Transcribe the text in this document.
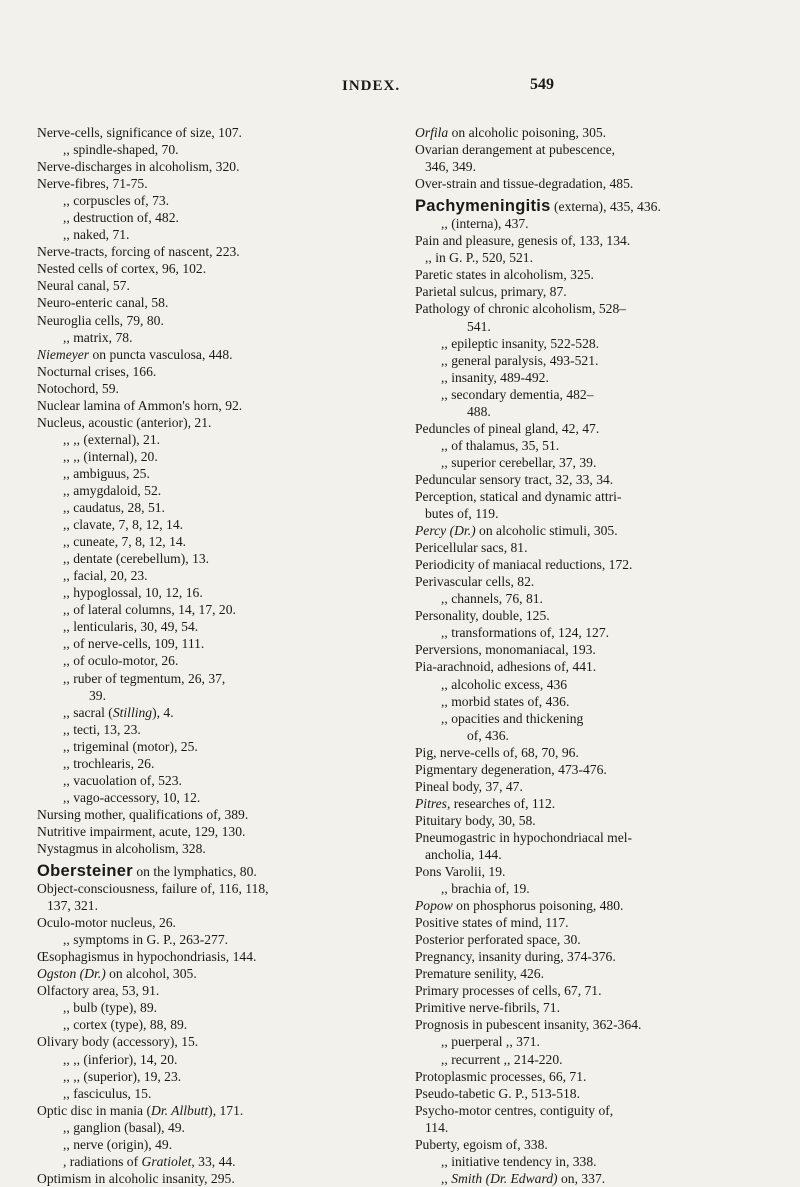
INDEX.	549
Nerve-cells, significance of size, 107.
,, spindle-shaped, 70.
Nerve-discharges in alcoholism, 320.
Nerve-fibres, 71-75.
,, corpuscles of, 73.
,, destruction of, 482.
,, naked, 71.
Nerve-tracts, forcing of nascent, 223.
Nested cells of cortex, 96, 102.
Neural canal, 57.
Neuro-enteric canal, 58.
Neuroglia cells, 79, 80.
,, matrix, 78.
Niemeyer on puncta vasculosa, 448.
Nocturnal crises, 166.
Notochord, 59.
Nuclear lamina of Ammon's horn, 92.
Nucleus, acoustic (anterior), 21.
,, ,, (external), 21.
,, ,, (internal), 20.
,, ambiguus, 25.
,, amygdaloid, 52.
,, caudatus, 28, 51.
,, clavate, 7, 8, 12, 14.
,, cuneate, 7, 8, 12, 14.
,, dentate (cerebellum), 13.
,, facial, 20, 23.
,, hypoglossal, 10, 12, 16.
,, of lateral columns, 14, 17, 20.
,, lenticularis, 30, 49, 54.
,, of nerve-cells, 109, 111.
,, of oculo-motor, 26.
,, ruber of tegmentum, 26, 37,
39.
,, sacral (Stilling), 4.
,, tecti, 13, 23.
,, trigeminal (motor), 25.
,, trochlearis, 26.
,, vacuolation of, 523.
,, vago-accessory, 10, 12.
Nursing mother, qualifications of, 389.
Nutritive impairment, acute, 129, 130.
Nystagmus in alcoholism, 328.
Obersteiner on the lymphatics, 80.
Object-consciousness, failure of, 116, 118,
137, 321.
Oculo-motor nucleus, 26.
,, symptoms in G. P., 263-277.
Œsophagismus in hypochondriasis, 144.
Ogston (Dr.) on alcohol, 305.
Olfactory area, 53, 91.
,, bulb (type), 89.
,, cortex (type), 88, 89.
Olivary body (accessory), 15.
,, ,, (inferior), 14, 20.
,, ,, (superior), 19, 23.
,, fasciculus, 15.
Optic disc in mania (Dr. Allbutt), 171.
,, ganglion (basal), 49.
,, nerve (origin), 49.
, radiations of Gratiolet, 33, 44.
Optimism in alcoholic insanity, 295.
Orfila on alcoholic poisoning, 305.
Ovarian derangement at pubescence,
346, 349.
Over-strain and tissue-degradation, 485.
Pachymeningitis (externa), 435, 436.
,, (interna), 437.
Pain and pleasure, genesis of, 133, 134.
,, in G. P., 520, 521.
Paretic states in alcoholism, 325.
Parietal sulcus, primary, 87.
Pathology of chronic alcoholism, 528–
541.
,, epileptic insanity, 522-528.
,, general paralysis, 493-521.
,, insanity, 489-492.
,, secondary dementia, 482–
488.
Peduncles of pineal gland, 42, 47.
,, of thalamus, 35, 51.
,, superior cerebellar, 37, 39.
Peduncular sensory tract, 32, 33, 34.
Perception, statical and dynamic attri-
butes of, 119.
Percy (Dr.) on alcoholic stimuli, 305.
Pericellular sacs, 81.
Periodicity of maniacal reductions, 172.
Perivascular cells, 82.
,, channels, 76, 81.
Personality, double, 125.
,, transformations of, 124, 127.
Perversions, monomaniacal, 193.
Pia-arachnoid, adhesions of, 441.
,, alcoholic excess, 436
,, morbid states of, 436.
,, opacities and thickening
of, 436.
Pig, nerve-cells of, 68, 70, 96.
Pigmentary degeneration, 473-476.
Pineal body, 37, 47.
Pitres, researches of, 112.
Pituitary body, 30, 58.
Pneumogastric in hypochondriacal mel-
ancholia, 144.
Pons Varolii, 19.
,, brachia of, 19.
Popow on phosphorus poisoning, 480.
Positive states of mind, 117.
Posterior perforated space, 30.
Pregnancy, insanity during, 374-376.
Premature senility, 426.
Primary processes of cells, 67, 71.
Primitive nerve-fibrils, 71.
Prognosis in pubescent insanity, 362-364.
,, puerperal ,, 371.
,, recurrent ,, 214-220.
Protoplasmic processes, 66, 71.
Pseudo-tabetic G. P., 513-518.
Psycho-motor centres, contiguity of,
114.
Puberty, egoism of, 338.
,, initiative tendency in, 338.
,, Smith (Dr. Edward) on, 337.
